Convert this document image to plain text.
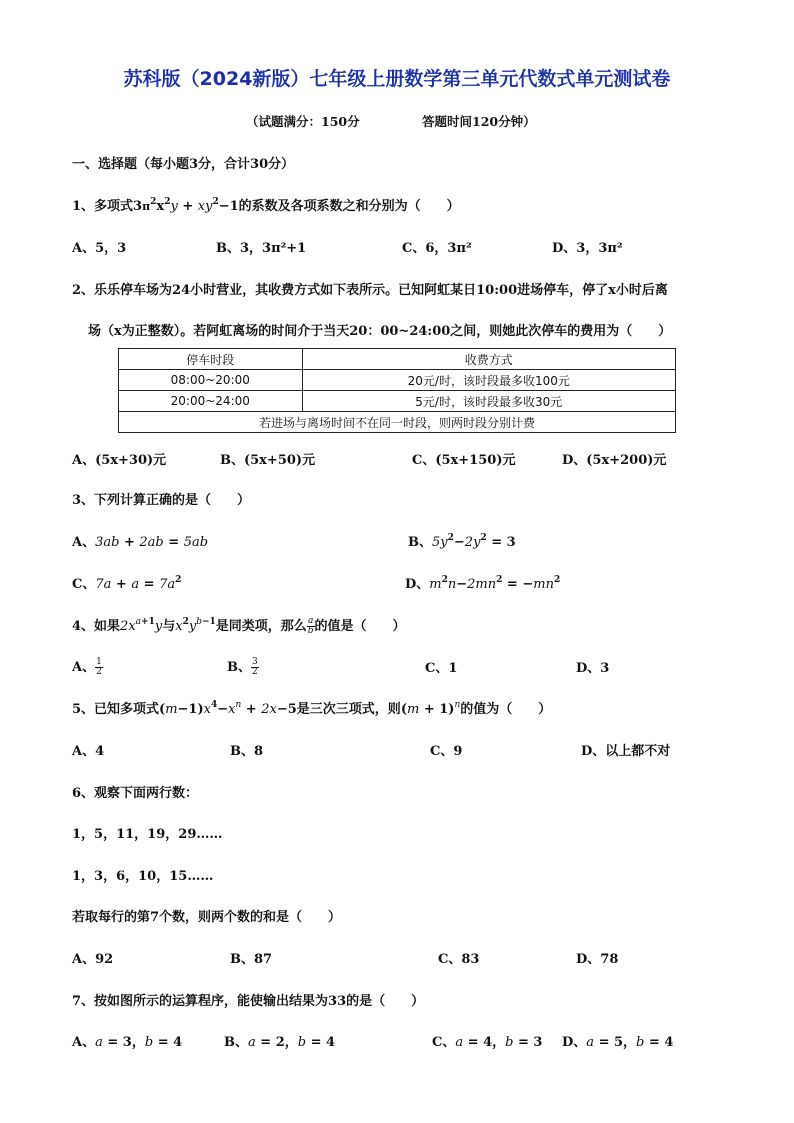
苏科版（2024新版）七年级上册数学第三单元代数式单元测试卷
（试题满分：150分	答题时间120分钟）
一、选择题（每小题3分，合计30分）
1、多项式$3\pi^2x^2y + xy^2-1$的系数及各项系数之和分别为（　　）
A、5，3	B、3，3π²+1	C、6，3π²	D、3，3π²
2、乐乐停车场为24小时营业，其收费方式如下表所示。已知阿虹某日10:00进场停车，停了x小时后离
场（x为正整数）。若阿虹离场的时间介于当天20：00~24:00之间，则她此次停车的费用为（　　）
停车时段	收费方式
08:00~20:00	20元/时，该时段最多收100元
20:00~24:00	5元/时，该时段最多收30元
若进场与离场时间不在同一时段，则两时段分别计费	
A、(5x+30)元	B、(5x+50)元	C、(5x+150)元	D、(5x+200)元
3、下列计算正确的是（　　）
A、3ab + 2ab = 5ab	B、$5y^2-2y^2 = 3$
C、$7a + a = 7a^2$	D、$m^2n-2mn^2 = -mn^2$
4、如果$2x^{a+1}y$与$x^2y^{b-1}$是同类项，那么 $\frac{a}{b}$ 的值是（　　）
A、 $\frac{1}{2}$	B、 $\frac{3}{2}$	C、1	D、3
5、已知多项式$(m-1)x^4-x^n + 2x-5$是三次三项式，则$(m + 1)^n$的值为（　　）
A、4	B、8	C、9	D、以上都不对
6、观察下面两行数：
1，5，11，19，29……
1，3，6，10，15……
若取每行的第7个数，则两个数的和是（　　）
A、92	B、87	C、83	D、78
7、按如图所示的运算程序，能使输出结果为33的是（　　）
A、a = 3，b = 4	B、a = 2，b = 4	C、a = 4，b = 3 D、a = 5，b = 4
